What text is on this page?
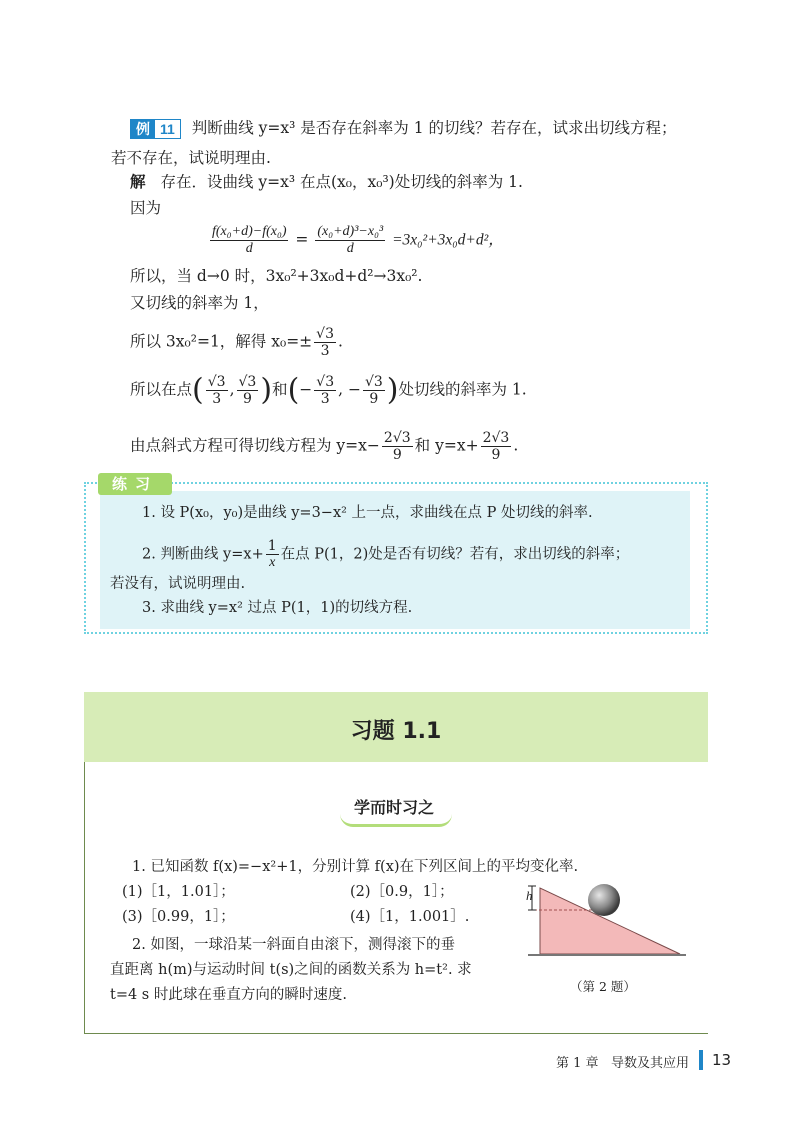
例 11 判断曲线 y=x³ 是否存在斜率为 1 的切线？若存在，试求出切线方程；
若不存在，试说明理由.
解 存在．设曲线 y=x³ 在点(x₀，x₀³)处切线的斜率为 1.
因为
$\frac{\text{f(x₀+d)−f(x₀)}}{d} = \frac{\text{(x₀+d)³−x₀³}}{d} =3x_0^2+3x_0d+d^2$，
所以，当 d→0 时，3x₀²+3x₀d+d²→3x₀².
又切线的斜率为 1，
所以 3x₀²=1，解得 $x_0=\pm \frac{√3}{3}$ .
所以在点( $\frac{√3}{3}$ , $\frac{√3}{9}$ )和(− $\frac{√3}{3}$ , − $\frac{√3}{9}$ )处切线的斜率为 1.
由点斜式方程可得切线方程为 $y=x- \frac{2√3}{9}$ 和 $y=x+ \frac{2√3}{9}$ .
练习
1. 设 P(x₀，y₀)是曲线 y=3−x² 上一点，求曲线在点 P 处切线的斜率.
2. 判断曲线 $y=x+ \frac{1}{x}$ 在点 P(1，2)处是否有切线？若有，求出切线的斜率；
若没有，试说明理由.
3. 求曲线 y=x² 过点 P(1，1)的切线方程.
习题 1.1
学而时习之
1. 已知函数 f(x)=−x²+1，分别计算 f(x)在下列区间上的平均变化率.
(1)［1，1.01］；	(2)［0.9，1］；
(3)［0.99，1］；	(4)［1，1.001］.
2. 如图，一球沿某一斜面自由滚下，测得滚下的垂
直距离 h(m)与运动时间 t(s)之间的函数关系为 h=t². 求
t=4 s 时此球在垂直方向的瞬时速度.
h
（第 2 题）
第 1 章 导数及其应用 13
